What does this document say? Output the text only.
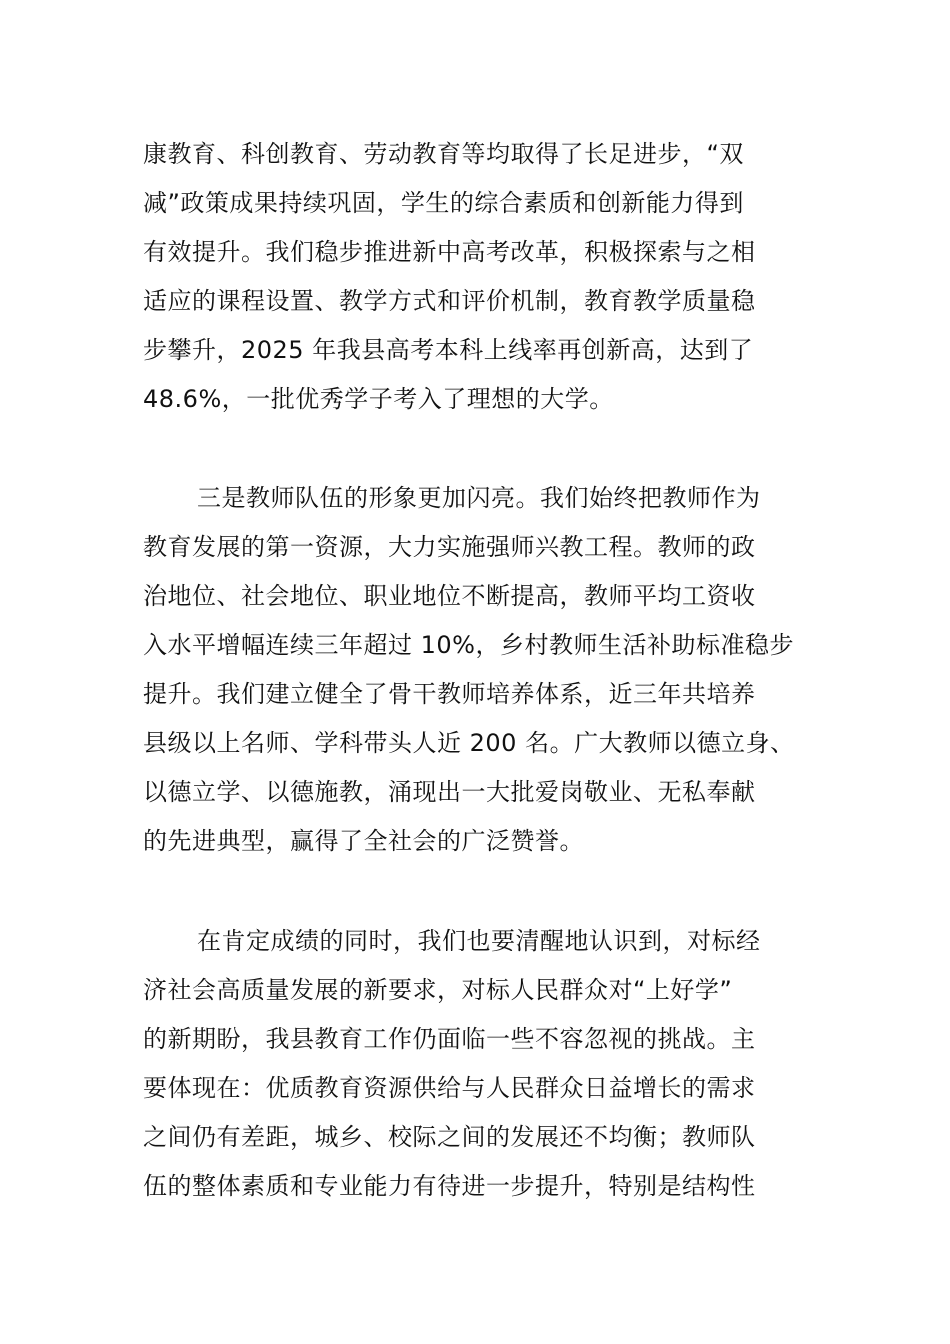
康教育、科创教育、劳动教育等均取得了长足进步，“双
减”政策成果持续巩固，学生的综合素质和创新能力得到
有效提升。我们稳步推进新中高考改革，积极探索与之相
适应的课程设置、教学方式和评价机制，教育教学质量稳
步攀升，2025 年我县高考本科上线率再创新高，达到了
48.6%，一批优秀学子考入了理想的大学。
三是教师队伍的形象更加闪亮。我们始终把教师作为
教育发展的第一资源，大力实施强师兴教工程。教师的政
治地位、社会地位、职业地位不断提高，教师平均工资收
入水平增幅连续三年超过 10%，乡村教师生活补助标准稳步
提升。我们建立健全了骨干教师培养体系，近三年共培养
县级以上名师、学科带头人近 200 名。广大教师以德立身、
以德立学、以德施教，涌现出一大批爱岗敬业、无私奉献
的先进典型，赢得了全社会的广泛赞誉。
在肯定成绩的同时，我们也要清醒地认识到，对标经
济社会高质量发展的新要求，对标人民群众对“上好学”
的新期盼，我县教育工作仍面临一些不容忽视的挑战。主
要体现在：优质教育资源供给与人民群众日益增长的需求
之间仍有差距，城乡、校际之间的发展还不均衡；教师队
伍的整体素质和专业能力有待进一步提升，特别是结构性
